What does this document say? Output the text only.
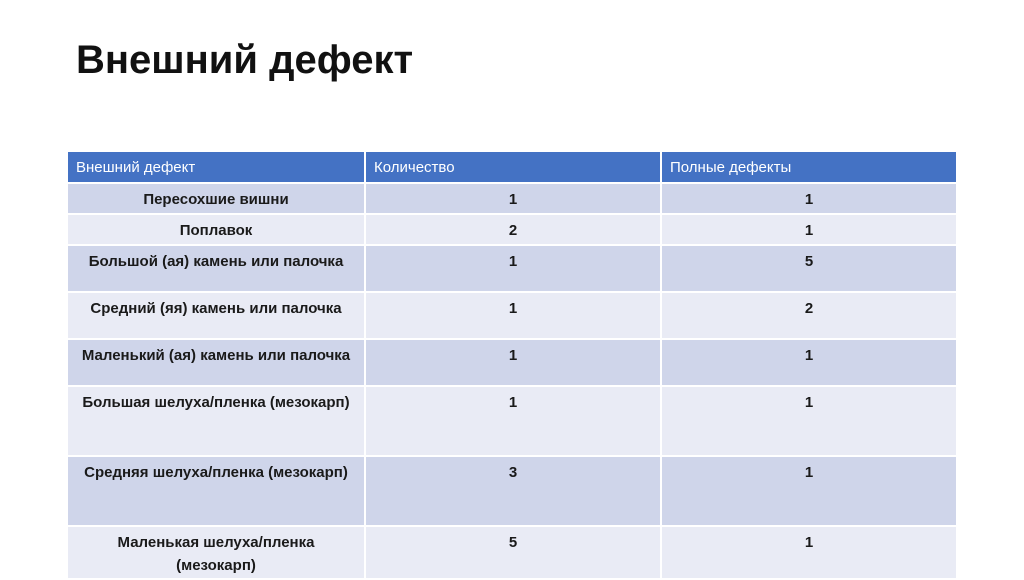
Внешний дефект
Внешний дефект	Количество	Полные дефекты
Пересохшие вишни	1	1
Поплавок	2	1
Большой (ая) камень или палочка	1	5
Средний (яя) камень или палочка	1	2
Маленький (ая) камень или палочка	1	1
Большая шелуха/пленка (мезокарп)	1	1
Средняя шелуха/пленка (мезокарп)	3	1
Маленькая шелуха/пленка (мезокарп)	5	1
